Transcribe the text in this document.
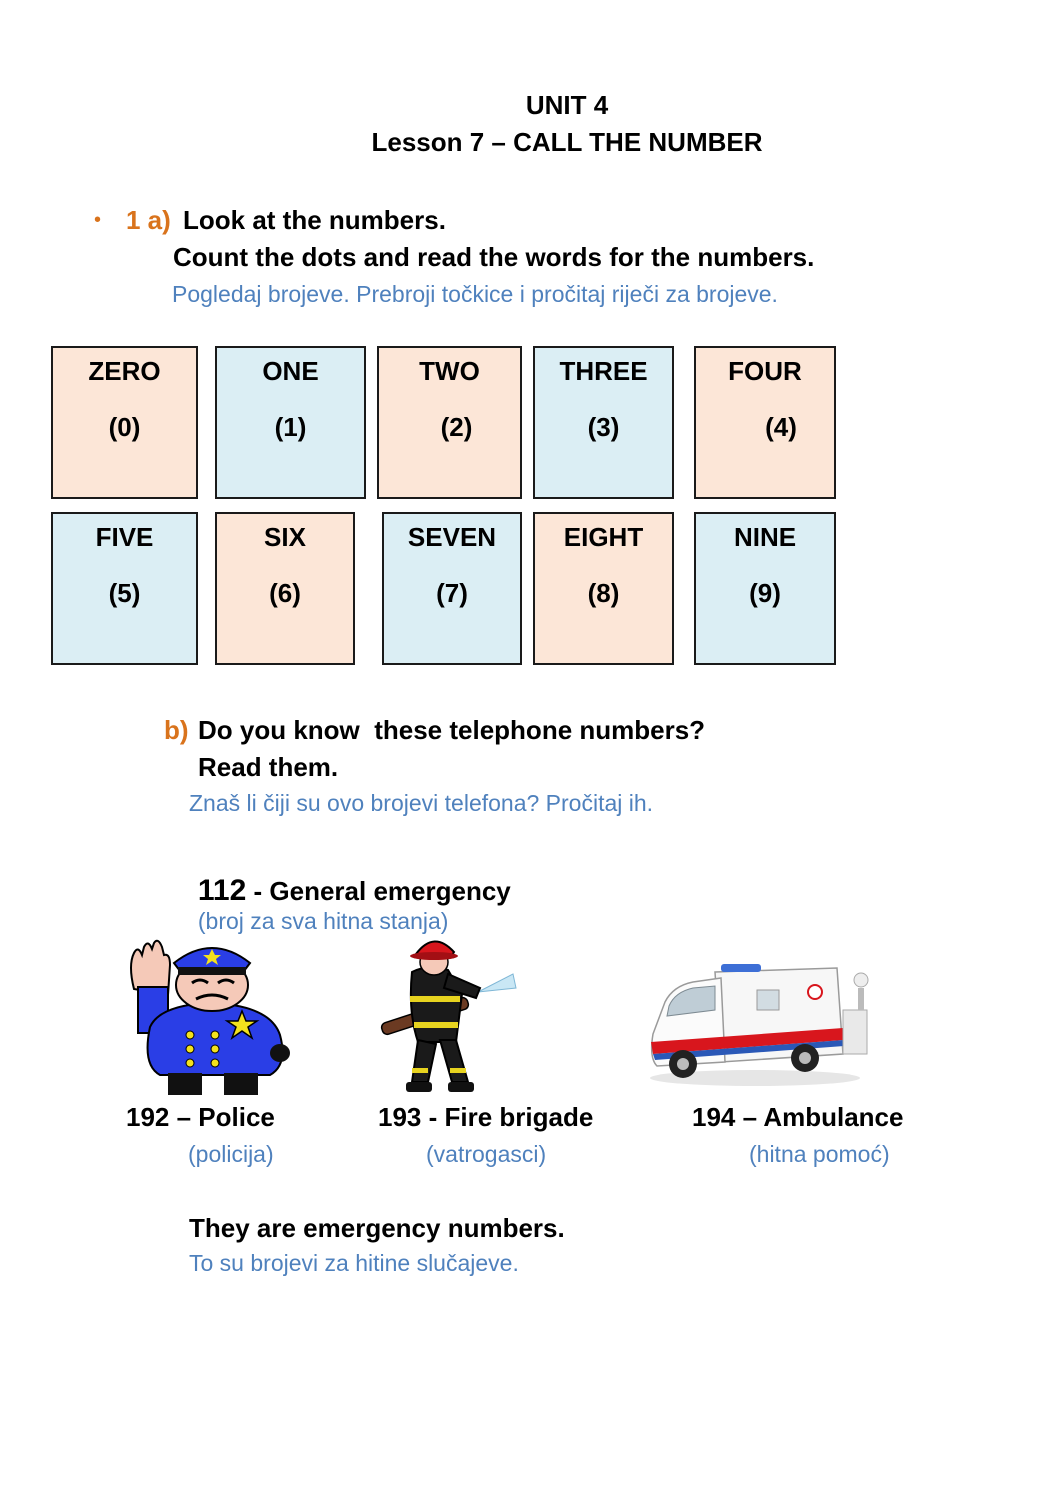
UNIT 4
Lesson 7 – CALL THE NUMBER
• 1 a) Look at the numbers.
Count the dots and read the words for the numbers.
Pogledaj brojeve. Prebroji točkice i pročitaj riječi za brojeve.
ZERO
(0)
ONE
(1)
TWO
(2)
THREE
(3)
FOUR
(4)
FIVE
(5)
SIX
(6)
SEVEN
(7)
EIGHT
(8)
NINE
(9)
b) Do you know  these telephone numbers?
Read them.
Znaš li čiji su ovo brojevi telefona? Pročitaj ih.

112 - General emergency
(broj za sva hitna stanja)

192 – Police
(policija)
193 - Fire brigade
(vatrogasci)
194 – Ambulance
(hitna pomoć)
They are emergency numbers.
To su brojevi za hitine slučajeve.
